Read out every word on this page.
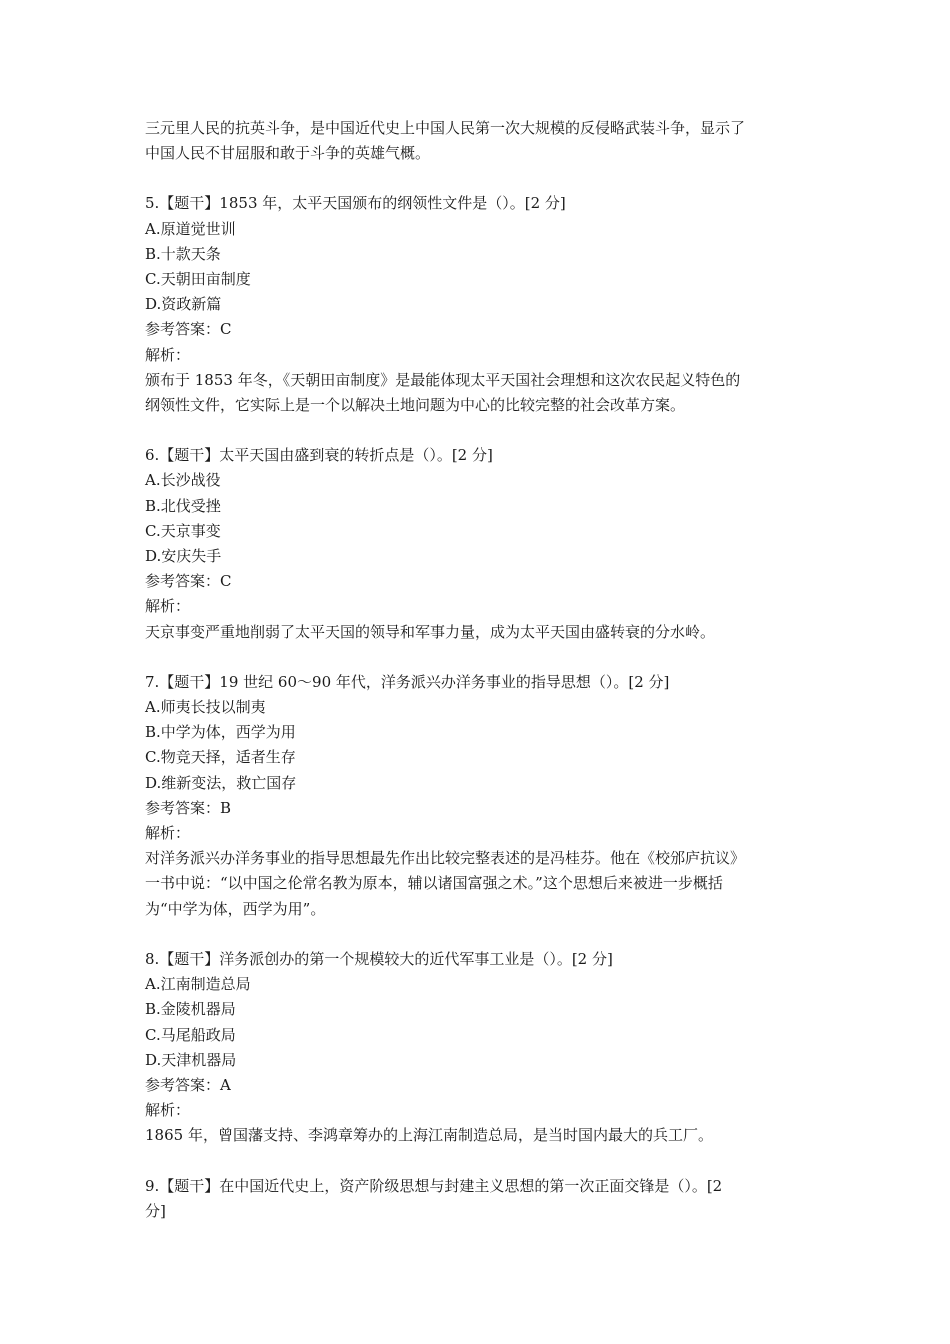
三元里人民的抗英斗争，是中国近代史上中国人民第一次大规模的反侵略武装斗争，显示了
中国人民不甘屈服和敢于斗争的英雄气概。
5.【题干】1853 年，太平天国颁布的纲领性文件是（）。[2 分]
A.原道觉世训
B.十款天条
C.天朝田亩制度
D.资政新篇
参考答案：C
解析：
颁布于 1853 年冬，《天朝田亩制度》是最能体现太平天国社会理想和这次农民起义特色的
纲领性文件，它实际上是一个以解决土地问题为中心的比较完整的社会改革方案。
6.【题干】太平天国由盛到衰的转折点是（）。[2 分]
A.长沙战役
B.北伐受挫
C.天京事变
D.安庆失手
参考答案：C
解析：
天京事变严重地削弱了太平天国的领导和军事力量，成为太平天国由盛转衰的分水岭。
7.【题干】19 世纪 60～90 年代，洋务派兴办洋务事业的指导思想（）。[2 分]
A.师夷长技以制夷
B.中学为体，西学为用
C.物竞天择，适者生存
D.维新变法，救亡国存
参考答案：B
解析：
对洋务派兴办洋务事业的指导思想最先作出比较完整表述的是冯桂芬。他在《校邠庐抗议》
一书中说：“以中国之伦常名教为原本，辅以诸国富强之术。”这个思想后来被进一步概括
为“中学为体，西学为用”。
8.【题干】洋务派创办的第一个规模较大的近代军事工业是（）。[2 分]
A.江南制造总局
B.金陵机器局
C.马尾船政局
D.天津机器局
参考答案：A
解析：
1865 年，曾国藩支持、李鸿章筹办的上海江南制造总局，是当时国内最大的兵工厂。
9.【题干】在中国近代史上，资产阶级思想与封建主义思想的第一次正面交锋是（）。[2
分]
